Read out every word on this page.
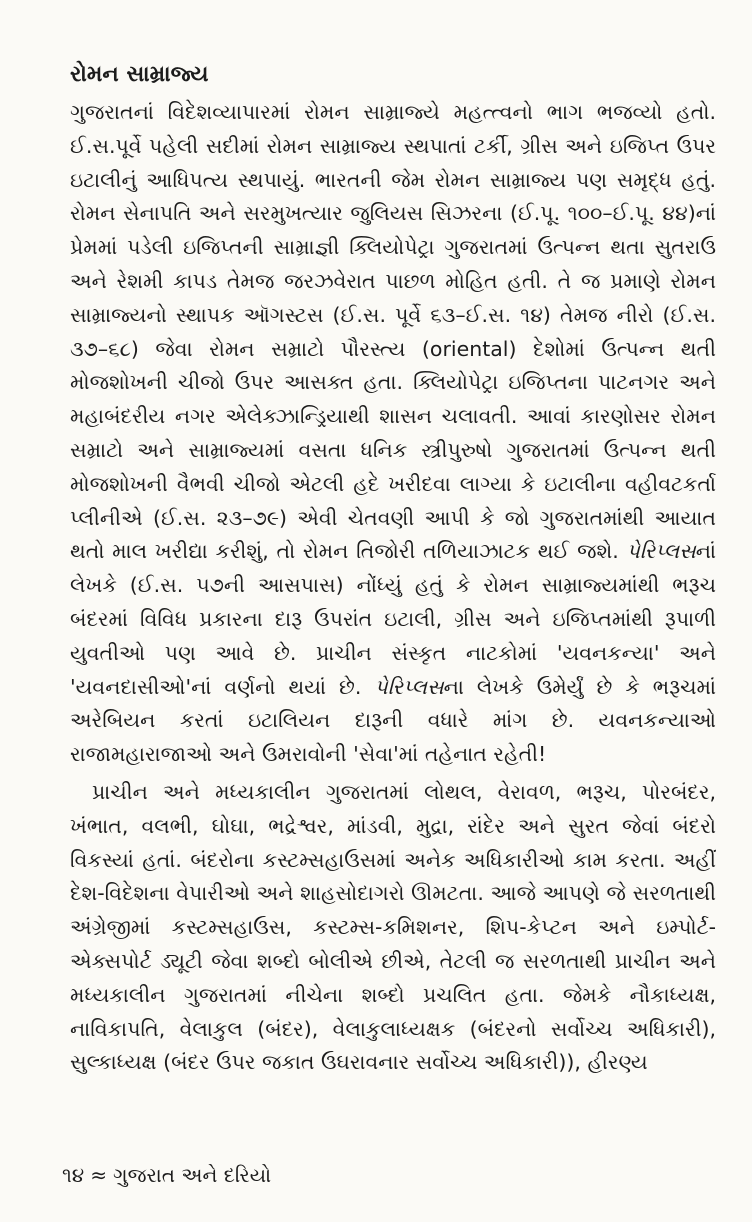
રોમન સામ્રાજ્ય

ગુજરાતનાં વિદેશવ્યાપારમાં રોમન સામ્રાજ્યે મહત્ત્વનો ભાગ ભજવ્યો હતો. ઈ.સ.પૂર્વે પહેલી સદીમાં રોમન સામ્રાજ્ય સ્થપાતાં ટર્કી, ગ્રીસ અને ઇજિપ્ત ઉપર ઇટાલીનું આધિપત્ય સ્થપાયું. ભારતની જેમ રોમન સામ્રાજ્ય પણ સમૃદ્ધ હતું. રોમન સેનાપતિ અને સરમુખત્યાર જુલિયસ સિઝરના (ઈ.પૂ. ૧૦૦–ઈ.પૂ. ૪૪)નાં પ્રેમમાં પડેલી ઇજિપ્તની સામ્રાજ્ઞી ક્લિયોપેટ્રા ગુજરાતમાં ઉત્પન્ન થતા સુતરાઉ અને રેશમી કાપડ તેમજ જરઝવેરાત પાછળ મોહિત હતી. તે જ પ્રમાણે રોમન સામ્રાજ્યનો સ્થાપક ઑગસ્ટસ (ઈ.સ. પૂર્વે ૬૩–ઈ.સ. ૧૪) તેમજ નીરો (ઈ.સ. ૩૭–૬૮) જેવા રોમન સમ્રાટો પૌરસ્ત્ય (oriental) દેશોમાં ઉત્પન્ન થતી મોજશોખની ચીજો ઉપર આસક્ત હતા. ક્લિયોપેટ્રા ઇજિપ્તના પાટનગર અને મહાબંદરીય નગર એલેક્ઝાન્ડ્રિયાથી શાસન ચલાવતી. આવાં કારણોસર રોમન સમ્રાટો અને સામ્રાજ્યમાં વસતા ધનિક સ્ત્રીપુરુષો ગુજરાતમાં ઉત્પન્ન થતી મોજશોખની વૈભવી ચીજો એટલી હદે ખરીદવા લાગ્યા કે ઇટાલીના વહીવટકર્તા પ્લીનીએ (ઈ.સ. ૨૩–૭૯) એવી ચેતવણી આપી કે જો ગુજરાતમાંથી આયાત થતો માલ ખરીદ્યા કરીશું, તો રોમન તિજોરી તળિયાઝાટક થઈ જશે. પેરિપ્લસનાં લેખકે (ઈ.સ. ૫૭ની આસપાસ) નોંધ્યું હતું કે રોમન સામ્રાજ્યમાંથી ભરૂચ બંદરમાં વિવિધ પ્રકારના દારૂ ઉપરાંત ઇટાલી, ગ્રીસ અને ઇજિપ્તમાંથી રૂપાળી યુવતીઓ પણ આવે છે. પ્રાચીન સંસ્કૃત નાટકોમાં 'યવનકન્યા' અને 'યવનદાસીઓ'નાં વર્ણનો થયાં છે. પેરિપ્લસના લેખકે ઉમેર્યું છે કે ભરૂચમાં અરેબિયન કરતાં ઇટાલિયન દારૂની વધારે માંગ છે. યવનકન્યાઓ રાજામહારાજાઓ અને ઉમરાવોની 'સેવા'માં તહેનાત રહેતી!

પ્રાચીન અને મધ્યકાલીન ગુજરાતમાં લોથલ, વેરાવળ, ભરૂચ, પોરબંદર, ખંભાત, વલભી, ઘોઘા, ભદ્રેશ્વર, માંડવી, મુદ્રા, રાંદેર અને સુરત જેવાં બંદરો વિકસ્યાં હતાં. બંદરોના કસ્ટમ્સહાઉસમાં અનેક અધિકારીઓ કામ કરતા. અહીં દેશ-વિદેશના વેપારીઓ અને શાહસોદાગરો ઊમટતા. આજે આપણે જે સરળતાથી અંગ્રેજીમાં કસ્ટમ્સહાઉસ, કસ્ટમ્સ-કમિશનર, શિપ-કેપ્ટન અને ઇમ્પોર્ટ-એક્સપોર્ટ ડ્યૂટી જેવા શબ્દો બોલીએ છીએ, તેટલી જ સરળતાથી પ્રાચીન અને મધ્યકાલીન ગુજરાતમાં નીચેના શબ્દો પ્રચલિત હતા. જેમકે નૌકાધ્યક્ષ, નાવિકાપતિ, વેલાકુલ (બંદર), વેલાકુલાધ્યક્ષક (બંદરનો સર્વોચ્ચ અધિકારી), સુલ્કાધ્યક્ષ (બંદર ઉપર જકાત ઉઘરાવનાર સર્વોચ્ચ અધિકારી)), હીરણ્ય

૧૪ ≈ ગુજરાત અને દરિયો
